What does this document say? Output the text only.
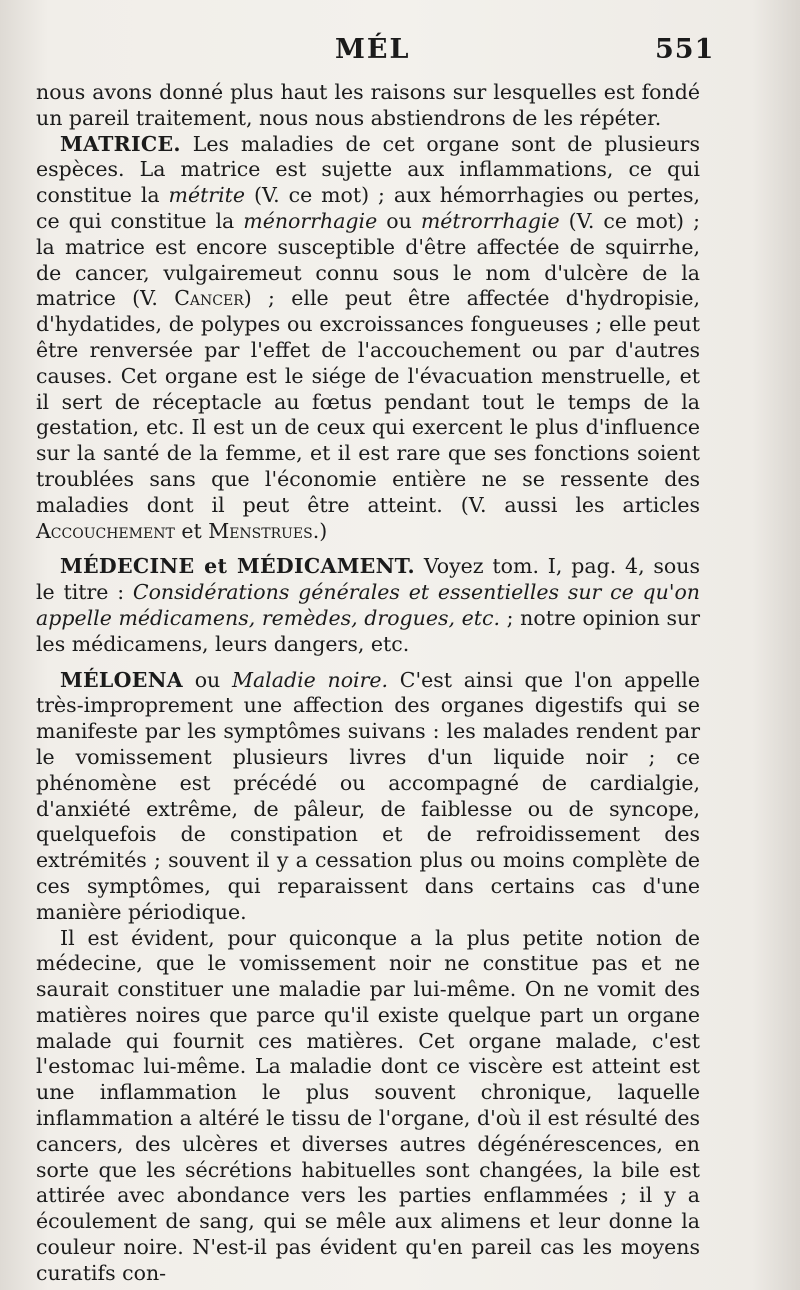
MÉL	551

nous avons donné plus haut les raisons sur lesquelles est fondé un pareil traitement, nous nous abstiendrons de les répéter.

MATRICE. Les maladies de cet organe sont de plusieurs espèces. La matrice est sujette aux inflammations, ce qui constitue la métrite (V. ce mot) ; aux hémorrhagies ou pertes, ce qui constitue la ménorrhagie ou métrorrhagie (V. ce mot) ; la matrice est encore susceptible d'être affectée de squirrhe, de cancer, vulgairemeut connu sous le nom d'ulcère de la matrice (V. Cancer) ; elle peut être affectée d'hydropisie, d'hydatides, de polypes ou excroissances fongueuses ; elle peut être renversée par l'effet de l'accouchement ou par d'autres causes. Cet organe est le siége de l'évacuation menstruelle, et il sert de réceptacle au fœtus pendant tout le temps de la gestation, etc. Il est un de ceux qui exercent le plus d'influence sur la santé de la femme, et il est rare que ses fonctions soient troublées sans que l'économie entière ne se ressente des maladies dont il peut être atteint. (V. aussi les articles Accouchement et Menstrues.)

MÉDECINE et MÉDICAMENT. Voyez tom. I, pag. 4, sous le titre : Considérations générales et essentielles sur ce qu'on appelle médicamens, remèdes, drogues, etc. ; notre opinion sur les médicamens, leurs dangers, etc.

MÉLOENA ou Maladie noire. C'est ainsi que l'on appelle très-improprement une affection des organes digestifs qui se manifeste par les symptômes suivans : les malades rendent par le vomissement plusieurs livres d'un liquide noir ; ce phénomène est précédé ou accompagné de cardialgie, d'anxiété extrême, de pâleur, de faiblesse ou de syncope, quelquefois de constipation et de refroidissement des extrémités ; souvent il y a cessation plus ou moins complète de ces symptômes, qui reparaissent dans certains cas d'une manière périodique.

Il est évident, pour quiconque a la plus petite notion de médecine, que le vomissement noir ne constitue pas et ne saurait constituer une maladie par lui-même. On ne vomit des matières noires que parce qu'il existe quelque part un organe malade qui fournit ces matières. Cet organe malade, c'est l'estomac lui-même. La maladie dont ce viscère est atteint est une inflammation le plus souvent chronique, laquelle inflammation a altéré le tissu de l'organe, d'où il est résulté des cancers, des ulcères et diverses autres dégénérescences, en sorte que les sécrétions habituelles sont changées, la bile est attirée avec abondance vers les parties enflammées ; il y a écoulement de sang, qui se mêle aux alimens et leur donne la couleur noire. N'est-il pas évident qu'en pareil cas les moyens curatifs con-
